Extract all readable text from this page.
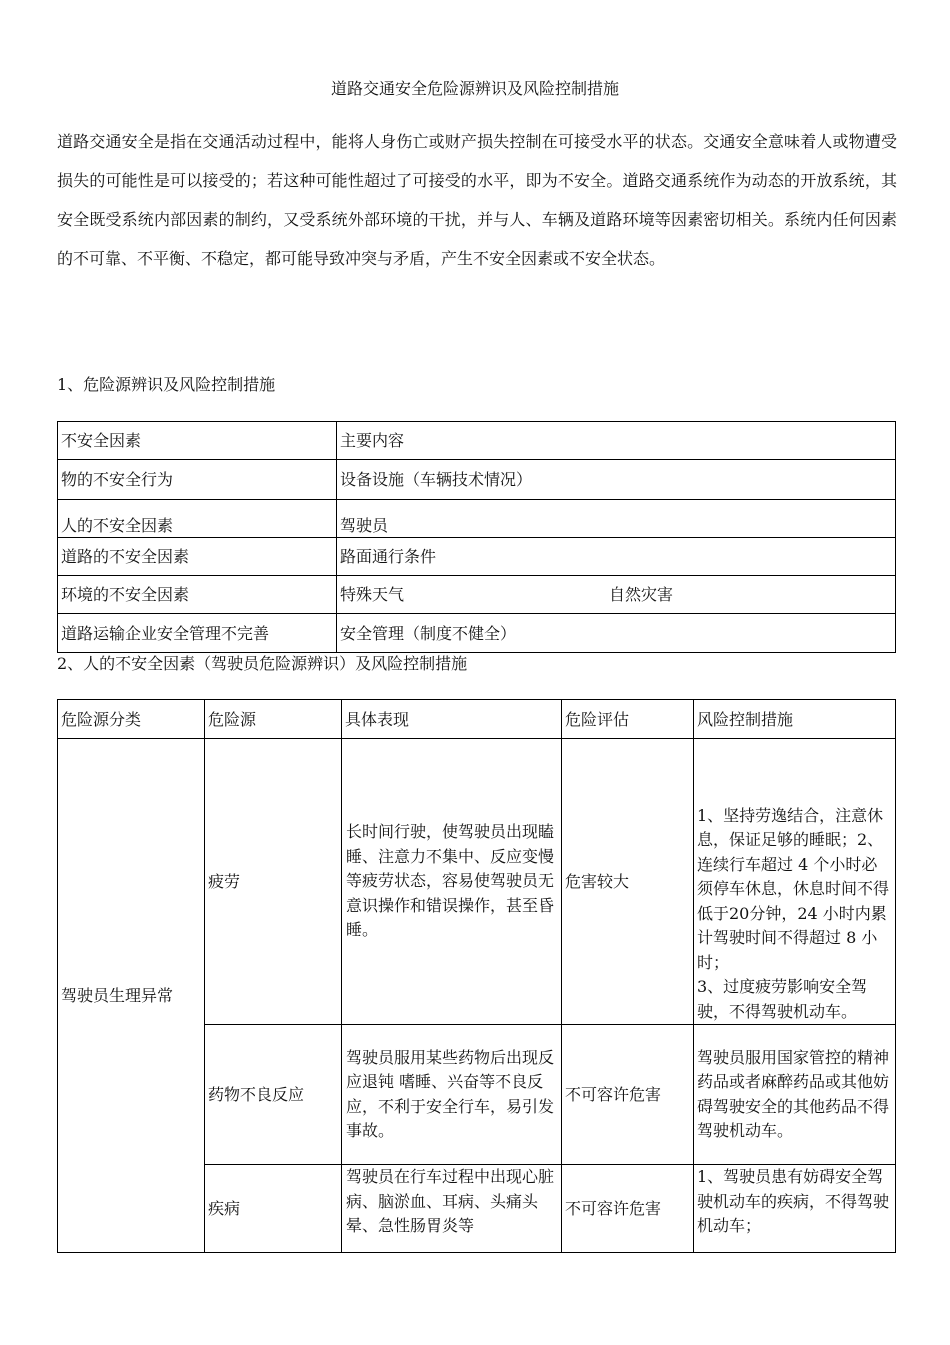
道路交通安全危险源辨识及风险控制措施

道路交通安全是指在交通活动过程中，能将人身伤亡或财产损失控制在可接受水平的状态。交通安全意味着人或物遭受损失的可能性是可以接受的；若这种可能性超过了可接受的水平，即为不安全。道路交通系统作为动态的开放系统，其安全既受系统内部因素的制约，又受系统外部环境的干扰，并与人、车辆及道路环境等因素密切相关。系统内任何因素的不可靠、不平衡、不稳定，都可能导致冲突与矛盾，产生不安全因素或不安全状态。

1、危险源辨识及风险控制措施
不安全因素	主要内容
物的不安全行为	设备设施（车辆技术情况）
人的不安全因素	驾驶员
道路的不安全因素	路面通行条件
环境的不安全因素	特殊天气 自然灾害
道路运输企业安全管理不完善	安全管理（制度不健全）
2、人的不安全因素（驾驶员危险源辨识）及风险控制措施
危险源分类	危险源	具体表现	危险评估	风险控制措施
驾驶员生理异常	疲劳	长时间行驶，使驾驶员出现瞌睡、注意力不集中、反应变慢等疲劳状态，容易使驾驶员无意识操作和错误操作，甚至昏睡。	危害较大	1、坚持劳逸结合，注意休息，保证足够的睡眠；2、连续行车超过 4 个小时必须停车休息，休息时间不得低于20分钟，24 小时内累计驾驶时间不得超过 8 小时；
3、过度疲劳影响安全驾驶，不得驾驶机动车。
	药物不良反应	驾驶员服用某些药物后出现反应退钝 嗜睡、兴奋等不良反应，不利于安全行车，易引发事故。	不可容许危害	驾驶员服用国家管控的精神药品或者麻醉药品或其他妨碍驾驶安全的其他药品不得驾驶机动车。
	疾病	驾驶员在行车过程中出现心脏病、脑淤血、耳病、头痛头晕、急性肠胃炎等	不可容许危害	1、驾驶员患有妨碍安全驾驶机动车的疾病，不得驾驶机动车；
